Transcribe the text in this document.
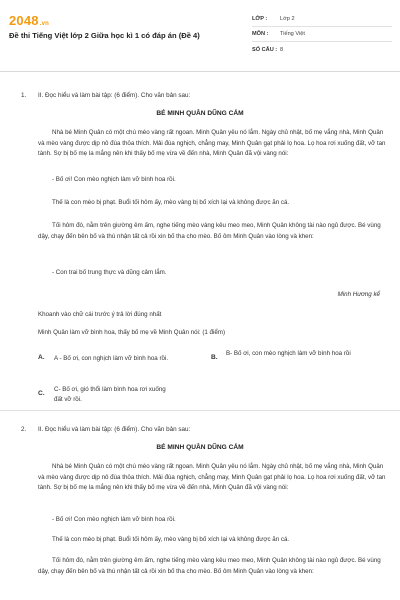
2048.vn
Đề thi Tiếng Việt lớp 2 Giữa học kì 1 có đáp án (Đề 4)
LỚP :	Lớp 2
MÔN :	Tiếng Việt
SỐ CÂU : 8
1. II. Đọc hiểu và làm bài tập: (6 điểm). Cho văn bản sau:
BÉ MINH QUÂN DŨNG CẢM
Nhà bé Minh Quân có một chú mèo vàng rất ngoan. Minh Quân yêu nó lắm. Ngày chủ nhật, bố mẹ vắng nhà, Minh Quân và mèo vàng được dịp nô đùa thỏa thích. Mải đùa nghịch, chẳng may, Minh Quân gạt phải lọ hoa. Lọ hoa rơi xuống đất, vỡ tan tành. Sợ bị bố mẹ la mắng nên khi thấy bố mẹ vừa về đến nhà, Minh Quân đã vội vàng nói:
- Bố ơi! Con mèo nghịch làm vỡ bình hoa rồi.
Thế là con mèo bị phạt. Buổi tối hôm ấy, mèo vàng bị bố xích lại và không được ăn cá.
Tối hôm đó, nằm trên giường êm ấm, nghe tiếng mèo vàng kêu meo meo, Minh Quân không tài nào ngủ được. Bé vùng dậy, chạy đến bên bố và thú nhận tất cả rồi xin bố tha cho mèo. Bố ôm Minh Quân vào lòng và khen:
- Con trai bố trung thực và dũng cảm lắm.
Minh Hương kể
Khoanh vào chữ cái trước ý trả lời đúng nhất
Minh Quân làm vỡ bình hoa, thấy bố mẹ về Minh Quân nói: (1 điểm)
A. A - Bố ơi, con nghịch làm vỡ bình hoa rồi.	B.
B- Bố ơi, con mèo nghịch làm vỡ bình hoa rồi
C.
C- Bố ơi, gió thổi làm bình hoa rơi xuống đất vỡ rồi.
2. II. Đọc hiểu và làm bài tập: (6 điểm). Cho văn bản sau:
BÉ MINH QUÂN DŨNG CẢM
Nhà bé Minh Quân có một chú mèo vàng rất ngoan. Minh Quân yêu nó lắm. Ngày chủ nhật, bố mẹ vắng nhà, Minh Quân và mèo vàng được dịp nô đùa thỏa thích. Mải đùa nghịch, chẳng may, Minh Quân gạt phải lọ hoa. Lọ hoa rơi xuống đất, vỡ tan tành. Sợ bị bố mẹ la mắng nên khi thấy bố mẹ vừa về đến nhà, Minh Quân đã vội vàng nói:
- Bố ơi! Con mèo nghịch làm vỡ bình hoa rồi.
Thế là con mèo bị phạt. Buổi tối hôm ấy, mèo vàng bị bố xích lại và không được ăn cá.
Tối hôm đó, nằm trên giường êm ấm, nghe tiếng mèo vàng kêu meo meo, Minh Quân không tài nào ngủ được. Bé vùng dậy, chạy đến bên bố và thú nhận tất cả rồi xin bố tha cho mèo. Bố ôm Minh Quân vào lòng và khen:
